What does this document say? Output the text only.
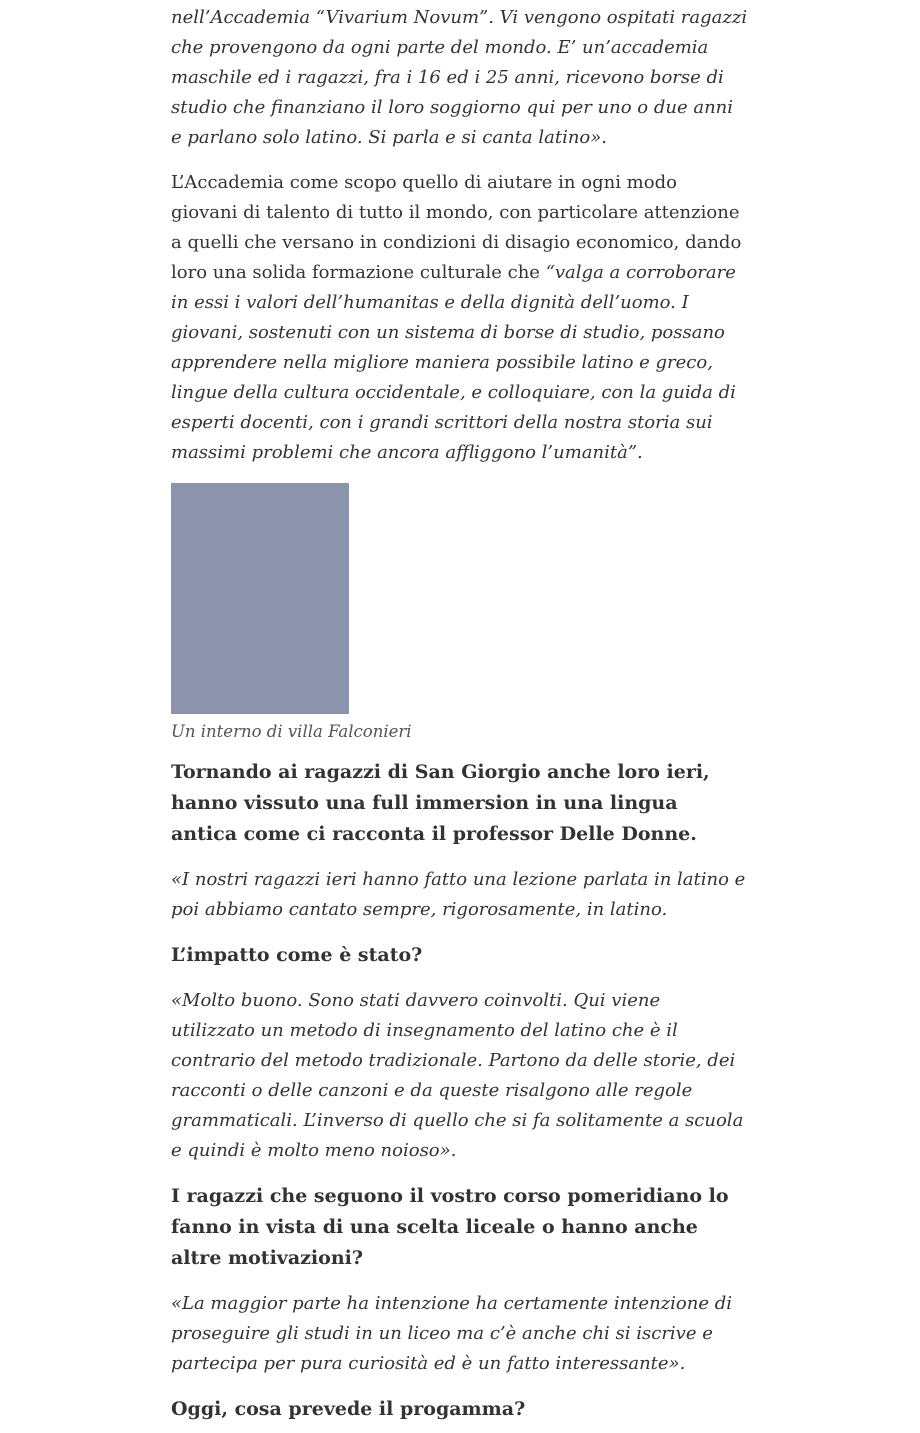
nell’Accademia “Vivarium Novum”. Vi vengono ospitati ragazzi che provengono da ogni parte del mondo. E’ un’accademia maschile ed i ragazzi, fra i 16 ed i 25 anni, ricevono borse di studio che finanziano il loro soggiorno qui per uno o due anni e parlano solo latino. Si parla e si canta latino».

L’Accademia come scopo quello di aiutare in ogni modo giovani di talento di tutto il mondo, con particolare attenzione a quelli che versano in condizioni di disagio economico, dando loro una solida formazione culturale che “valga a corroborare in essi i valori dell’humanitas e della dignità dell’uomo. I giovani, sostenuti con un sistema di borse di studio, possano apprendere nella migliore maniera possibile latino e greco, lingue della cultura occidentale, e colloquiare, con la guida di esperti docenti, con i grandi scrittori della nostra storia sui massimi problemi che ancora affliggono l’umanità”.

Un interno di villa Falconieri

Tornando ai ragazzi di San Giorgio anche loro ieri, hanno vissuto una full immersion in una lingua antica come ci racconta il professor Delle Donne.

«I nostri ragazzi ieri hanno fatto una lezione parlata in latino e poi abbiamo cantato sempre, rigorosamente, in latino.

L’impatto come è stato?

«Molto buono. Sono stati davvero coinvolti. Qui viene utilizzato un metodo di insegnamento del latino che è il contrario del metodo tradizionale. Partono da delle storie, dei racconti o delle canzoni e da queste risalgono alle regole grammaticali. L’inverso di quello che si fa solitamente a scuola e quindi è molto meno noioso».

I ragazzi che seguono il vostro corso pomeridiano lo fanno in vista di una scelta liceale o hanno anche altre motivazioni?

«La maggior parte ha intenzione ha certamente intenzione di proseguire gli studi in un liceo ma c’è anche chi si iscrive e partecipa per pura curiosità ed è un fatto interessante».

Oggi, cosa prevede il progamma?
